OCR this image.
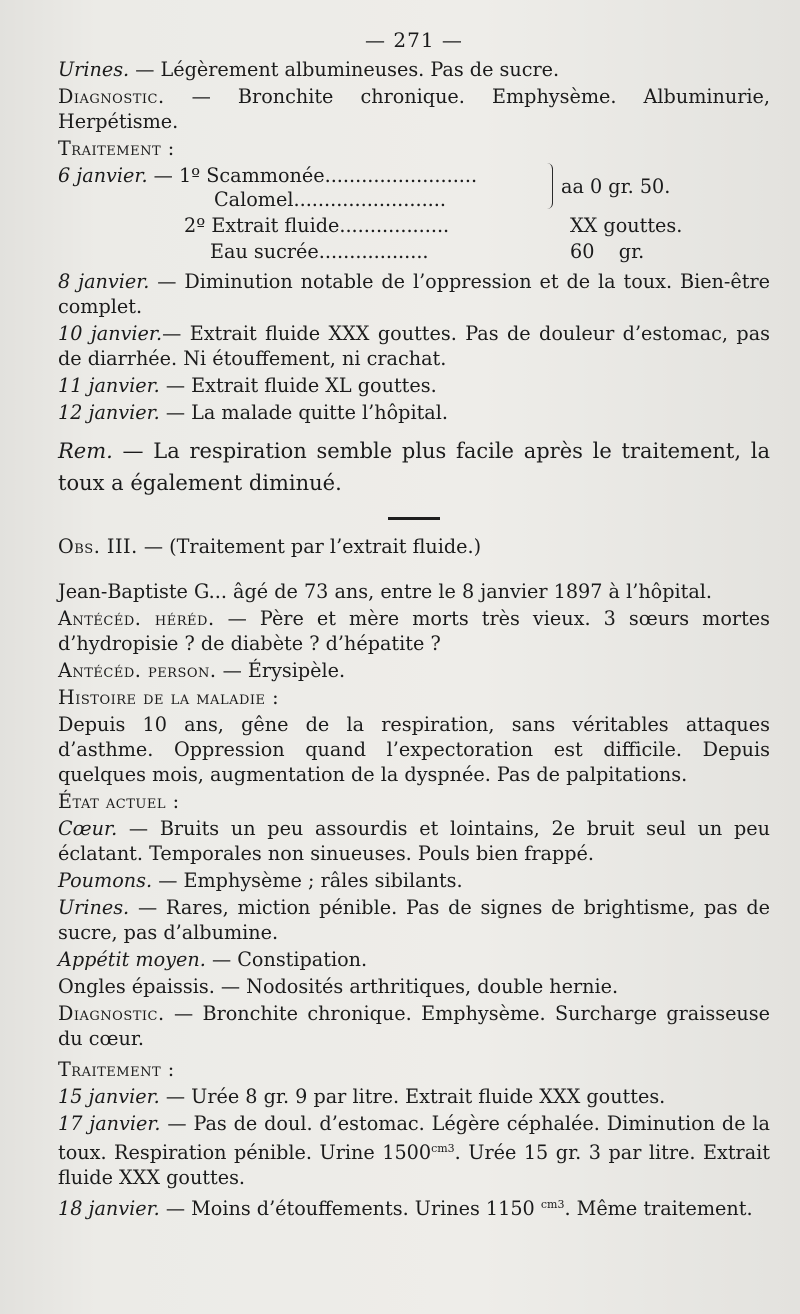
— 271 —

Urines. — Légèrement albumineuses. Pas de sucre.

Diagnostic. — Bronchite chronique. Emphysème. Albuminurie, Herpétisme.

Traitement :

6 janvier. — 1º Scammonée.........................
Calomel.........................
aa 0 gr. 50.
2º Extrait fluide..................	XX gouttes.
Eau sucrée..................	60    gr.

8 janvier. — Diminution notable de l’oppression et de la toux. Bien-être complet.

10 janvier.— Extrait fluide XXX gouttes. Pas de douleur d’estomac, pas de diarrhée. Ni étouffement, ni crachat.

11 janvier. — Extrait fluide XL gouttes.

12 janvier. — La malade quitte l’hôpital.

Rem. — La respiration semble plus facile après le traitement, la toux a également diminué.

Obs. III. — (Traitement par l’extrait fluide.)

Jean-Baptiste G... âgé de 73 ans, entre le 8 janvier 1897 à l’hôpital.

Antécéd. héréd. — Père et mère morts très vieux. 3 sœurs mortes d’hydropisie ? de diabète ? d’hépatite ?

Antécéd. person. — Érysipèle.

Histoire de la maladie :

Depuis 10 ans, gêne de la respiration, sans véritables attaques d’asthme. Oppression quand l’expectoration est difficile. Depuis quelques mois, augmentation de la dyspnée. Pas de palpitations.

État actuel :

Cœur. — Bruits un peu assourdis et lointains, 2e bruit seul un peu éclatant. Temporales non sinueuses. Pouls bien frappé.

Poumons. — Emphysème ; râles sibilants.

Urines. — Rares, miction pénible. Pas de signes de brightisme, pas de sucre, pas d’albumine.

Appétit moyen. — Constipation.

Ongles épaissis. — Nodosités arthritiques, double hernie.

Diagnostic. — Bronchite chronique. Emphysème. Surcharge graisseuse du cœur.

Traitement :

15 janvier. — Urée 8 gr. 9 par litre. Extrait fluide XXX gouttes.

17 janvier. — Pas de doul. d’estomac. Légère céphalée. Diminution de la toux. Respiration pénible. Urine $1500^{cm3}$. Urée 15 gr. 3 par litre. Extrait fluide XXX gouttes.

18 janvier. — Moins d’étouffements. Urines 1150 $^{cm3}$. Même traitement.
